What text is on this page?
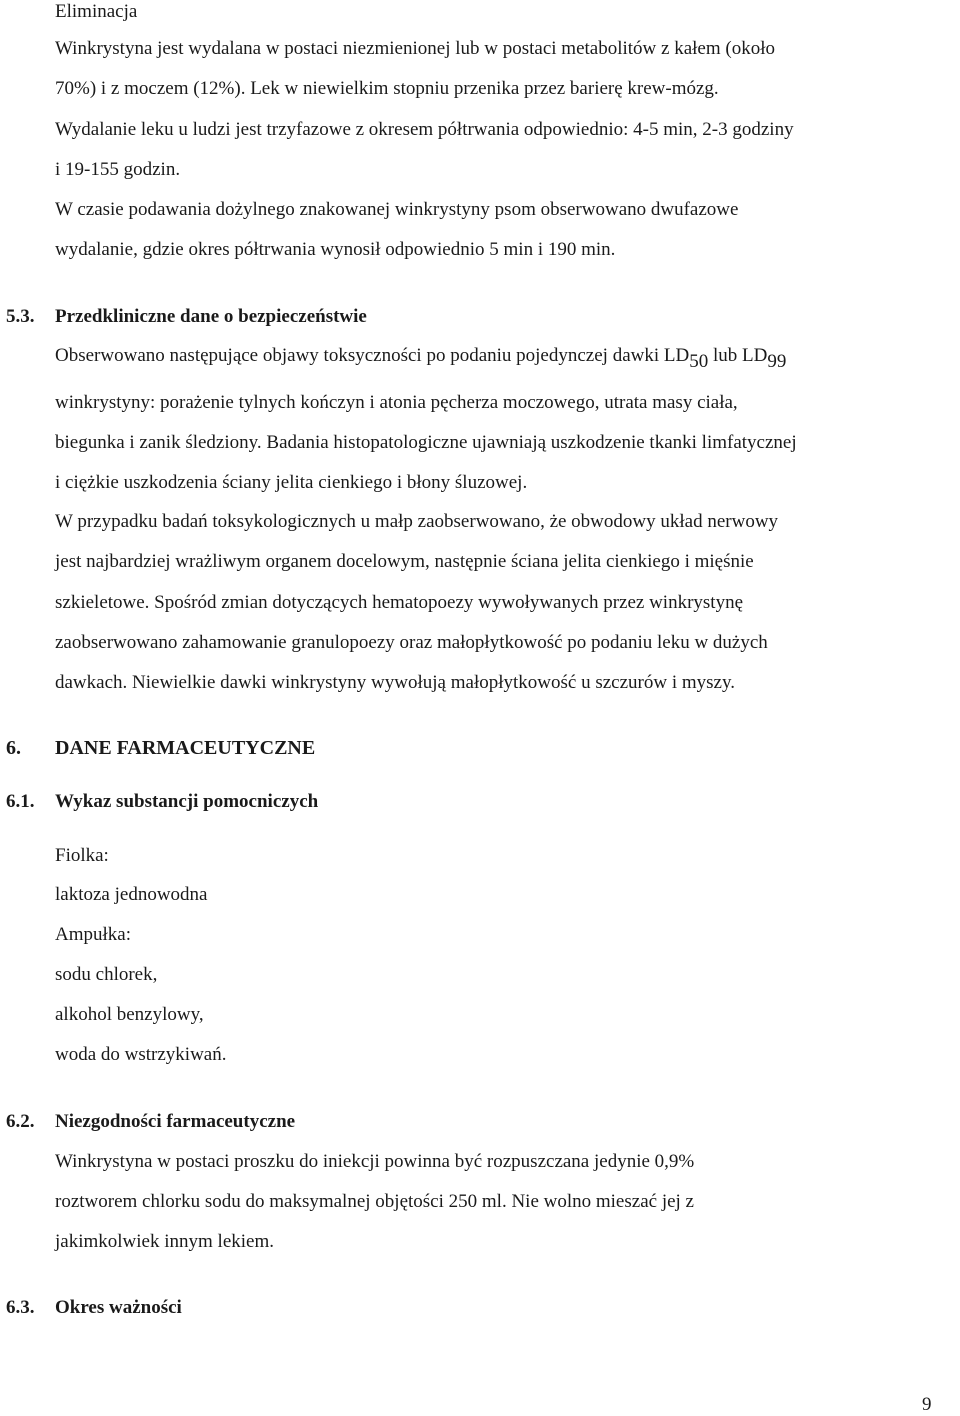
Eliminacja
Winkrystyna jest wydalana w postaci niezmienionej lub w postaci metabolitów z kałem (około
70%) i z moczem (12%). Lek w niewielkim stopniu przenika przez barierę krew-mózg.
Wydalanie leku u ludzi jest trzyfazowe z okresem półtrwania odpowiednio: 4-5 min, 2-3 godziny
i 19-155 godzin.
W czasie podawania dożylnego znakowanej winkrystyny psom obserwowano dwufazowe
wydalanie, gdzie okres półtrwania wynosił odpowiednio 5 min i 190 min.
5.3. Przedkliniczne dane o bezpieczeństwie
Obserwowano następujące objawy toksyczności po podaniu pojedynczej dawki $LD_{50}$ lub $LD_{99}$
winkrystyny: porażenie tylnych kończyn i atonia pęcherza moczowego, utrata masy ciała,
biegunka i zanik śledziony. Badania histopatologiczne ujawniają uszkodzenie tkanki limfatycznej
i ciężkie uszkodzenia ściany jelita cienkiego i błony śluzowej.
W przypadku badań toksykologicznych u małp zaobserwowano, że obwodowy układ nerwowy
jest najbardziej wrażliwym organem docelowym, następnie ściana jelita cienkiego i mięśnie
szkieletowe. Spośród zmian dotyczących hematopoezy wywoływanych przez winkrystynę
zaobserwowano zahamowanie granulopoezy oraz małopłytkowość po podaniu leku w dużych
dawkach. Niewielkie dawki winkrystyny wywołują małopłytkowość u szczurów i myszy.
6. DANE FARMACEUTYCZNE
6.1. Wykaz substancji pomocniczych
Fiolka:
laktoza jednowodna
Ampułka:
sodu chlorek,
alkohol benzylowy,
woda do wstrzykiwań.
6.2. Niezgodności farmaceutyczne
Winkrystyna w postaci proszku do iniekcji powinna być rozpuszczana jedynie 0,9%
roztworem chlorku sodu do maksymalnej objętości 250 ml. Nie wolno mieszać jej z
jakimkolwiek innym lekiem.
6.3. Okres ważności
9
